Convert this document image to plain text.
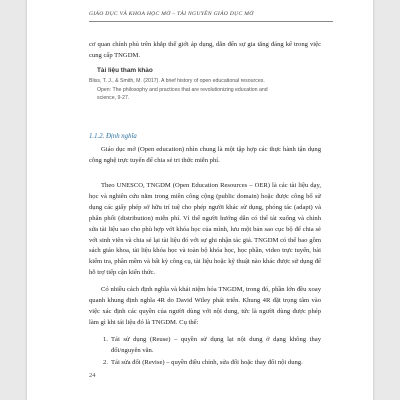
GIÁO DỤC VÀ KHOA HỌC MỞ – TÀI NGUYÊN GIÁO DỤC MỞ
cơ quan chính phủ trên khắp thế giới áp dụng, dẫn đến sự gia tăng đáng kể trong việc cung cấp TNGDM.
Tài liệu tham khảo
Bliss, T. J., & Smith, M. (2017). A brief history of open educational resources.
Open: The philosophy and practices that are revolutionizing education and
science, 9-27.
1.1.2. Định nghĩa
Giáo dục mở (Open education) nhìn chung là một tập hợp các thực hành tận dụng công nghệ trực tuyến để chia sẻ tri thức miễn phí.
Theo UNESCO, TNGDM (Open Education Resources – OER) là các tài liệu dạy, học và nghiên cứu nằm trong miền công cộng (public domain) hoặc được công bố sử dụng các giấy phép sở hữu trí tuệ cho phép người khác sử dụng, phóng tác (adapt) và phân phối (distribution) miễn phí. Vì thế người hướng dẫn có thể tải xuống và chỉnh sửa tài liệu sao cho phù hợp với khóa học của mình, lưu một bản sao cục bộ để chia sẻ với sinh viên và chia sẻ lại tài liệu đó với sự ghi nhận tác giả. TNGDM có thể bao gồm sách giáo khoa, tài liệu khóa học và toàn bộ khóa học, học phần, video trực tuyến, bài kiểm tra, phần mềm và bất kỳ công cụ, tài liệu hoặc kỹ thuật nào khác được sử dụng để hỗ trợ tiếp cận kiến thức.
Có nhiều cách định nghĩa và khái niệm hóa TNGDM, trong đó, phần lớn đều xoay quanh khung định nghĩa 4R do David Wiley phát triển. Khung 4R đặt trọng tâm vào việc xác định các quyền của người dùng với nội dung, tức là người dùng được phép làm gì khi tái liệu đó là TNGDM. Cụ thể:
1. Tái sử dụng (Reuse) – quyền sử dụng lại nội dung ở dạng không thay đổi/nguyên văn.
2. Tái sửa đổi (Revise) – quyền điều chỉnh, sửa đổi hoặc thay đổi nội dung.
24
